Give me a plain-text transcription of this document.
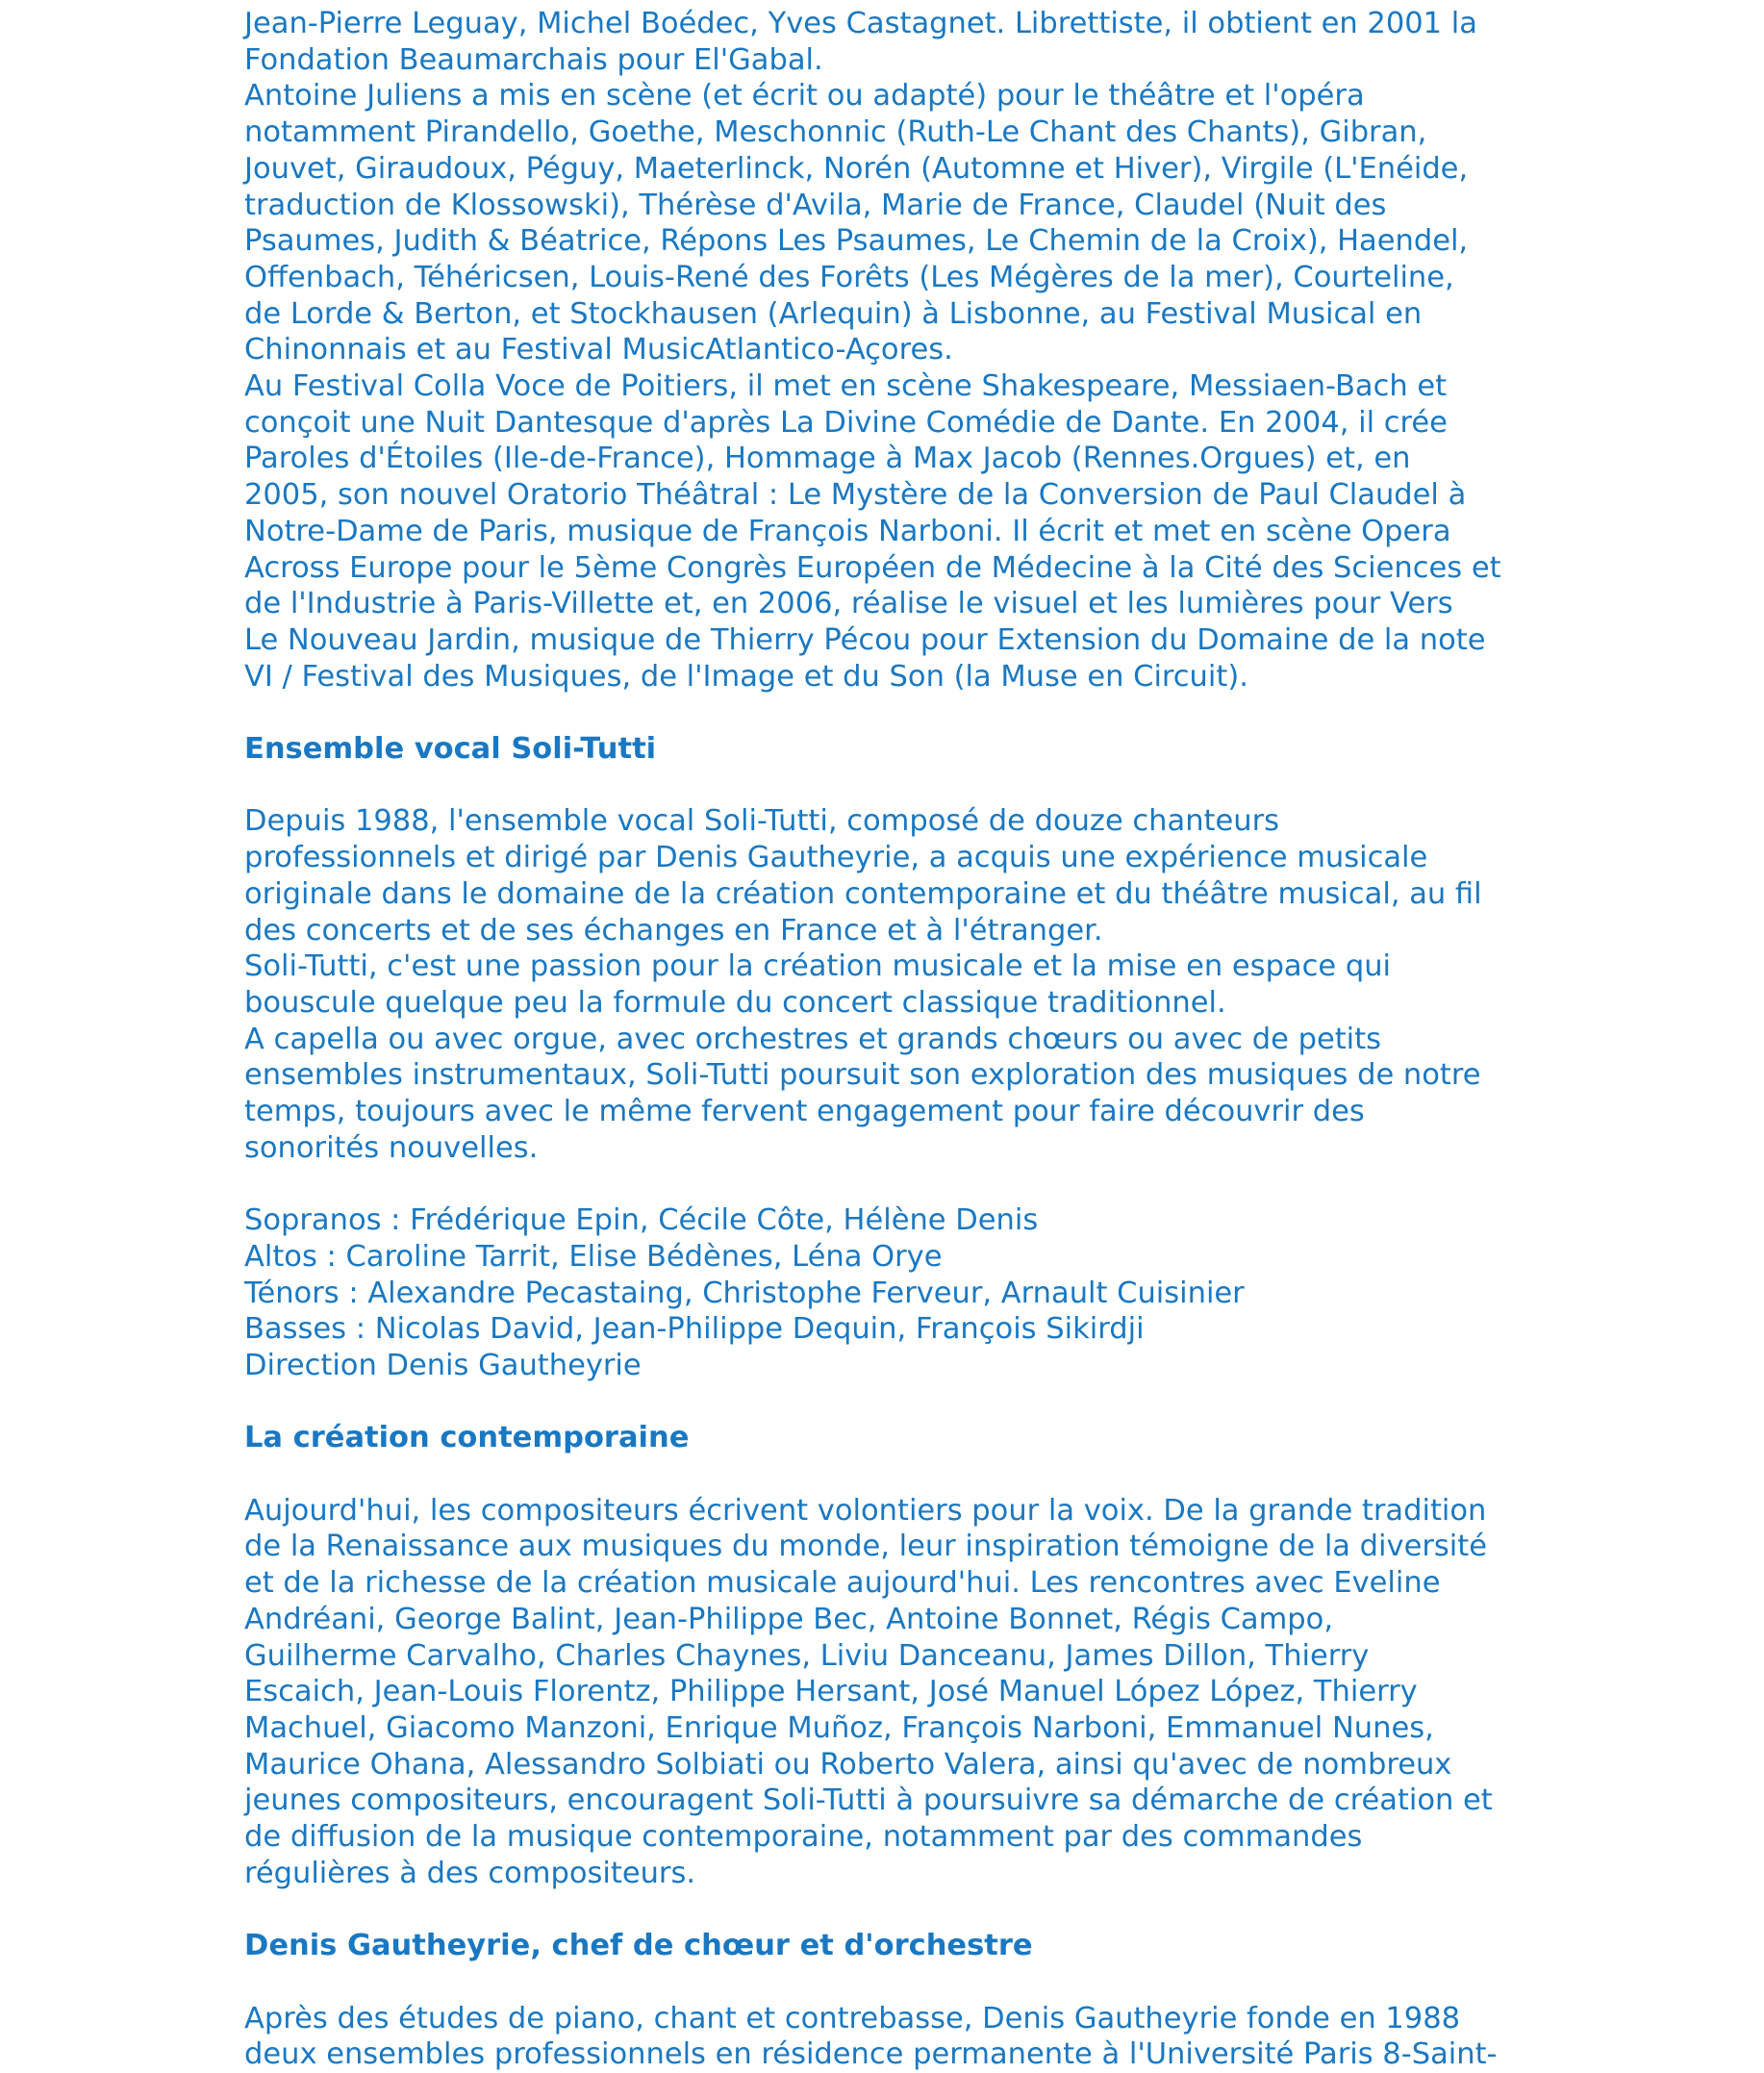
Jean-Pierre Leguay, Michel Boédec, Yves Castagnet. Librettiste, il obtient en 2001 la

Fondation Beaumarchais pour El'Gabal.

Antoine Juliens a mis en scène (et écrit ou adapté) pour le théâtre et l'opéra

notamment Pirandello, Goethe, Meschonnic (Ruth-Le Chant des Chants), Gibran,

Jouvet, Giraudoux, Péguy, Maeterlinck, Norén (Automne et Hiver), Virgile (L'Enéide,

traduction de Klossowski), Thérèse d'Avila, Marie de France, Claudel (Nuit des

Psaumes, Judith & Béatrice, Répons Les Psaumes, Le Chemin de la Croix), Haendel,

Offenbach, Téhéricsen, Louis-René des Forêts (Les Mégères de la mer), Courteline,

de Lorde & Berton, et Stockhausen (Arlequin) à Lisbonne, au Festival Musical en

Chinonnais et au Festival MusicAtlantico-Açores.

Au Festival Colla Voce de Poitiers, il met en scène Shakespeare, Messiaen-Bach et

conçoit une Nuit Dantesque d'après La Divine Comédie de Dante. En 2004, il crée

Paroles d'Étoiles (Ile-de-France), Hommage à Max Jacob (Rennes.Orgues) et, en

2005, son nouvel Oratorio Théâtral : Le Mystère de la Conversion de Paul Claudel à

Notre-Dame de Paris, musique de François Narboni. Il écrit et met en scène Opera

Across Europe pour le 5ème Congrès Européen de Médecine à la Cité des Sciences et

de l'Industrie à Paris-Villette et, en 2006, réalise le visuel et les lumières pour Vers

Le Nouveau Jardin, musique de Thierry Pécou pour Extension du Domaine de la note

VI / Festival des Musiques, de l'Image et du Son (la Muse en Circuit).

Ensemble vocal Soli-Tutti

Depuis 1988, l'ensemble vocal Soli-Tutti, composé de douze chanteurs

professionnels et dirigé par Denis Gautheyrie, a acquis une expérience musicale

originale dans le domaine de la création contemporaine et du théâtre musical, au fil

des concerts et de ses échanges en France et à l'étranger.

Soli-Tutti, c'est une passion pour la création musicale et la mise en espace qui

bouscule quelque peu la formule du concert classique traditionnel.

A capella ou avec orgue, avec orchestres et grands chœurs ou avec de petits

ensembles instrumentaux, Soli-Tutti poursuit son exploration des musiques de notre

temps, toujours avec le même fervent engagement pour faire découvrir des

sonorités nouvelles.

Sopranos : Frédérique Epin, Cécile Côte, Hélène Denis

Altos : Caroline Tarrit, Elise Bédènes, Léna Orye

Ténors : Alexandre Pecastaing, Christophe Ferveur, Arnault Cuisinier

Basses : Nicolas David, Jean-Philippe Dequin, François Sikirdji

Direction Denis Gautheyrie

La création contemporaine

Aujourd'hui, les compositeurs écrivent volontiers pour la voix. De la grande tradition

de la Renaissance aux musiques du monde, leur inspiration témoigne de la diversité

et de la richesse de la création musicale aujourd'hui. Les rencontres avec Eveline

Andréani, George Balint, Jean-Philippe Bec, Antoine Bonnet, Régis Campo,

Guilherme Carvalho, Charles Chaynes, Liviu Danceanu, James Dillon, Thierry

Escaich, Jean-Louis Florentz, Philippe Hersant, José Manuel López López, Thierry

Machuel, Giacomo Manzoni, Enrique Muñoz, François Narboni, Emmanuel Nunes,

Maurice Ohana, Alessandro Solbiati ou Roberto Valera, ainsi qu'avec de nombreux

jeunes compositeurs, encouragent Soli-Tutti à poursuivre sa démarche de création et

de diffusion de la musique contemporaine, notamment par des commandes

régulières à des compositeurs.

Denis Gautheyrie, chef de chœur et d'orchestre

Après des études de piano, chant et contrebasse, Denis Gautheyrie fonde en 1988

deux ensembles professionnels en résidence permanente à l'Université Paris 8-Saint-
